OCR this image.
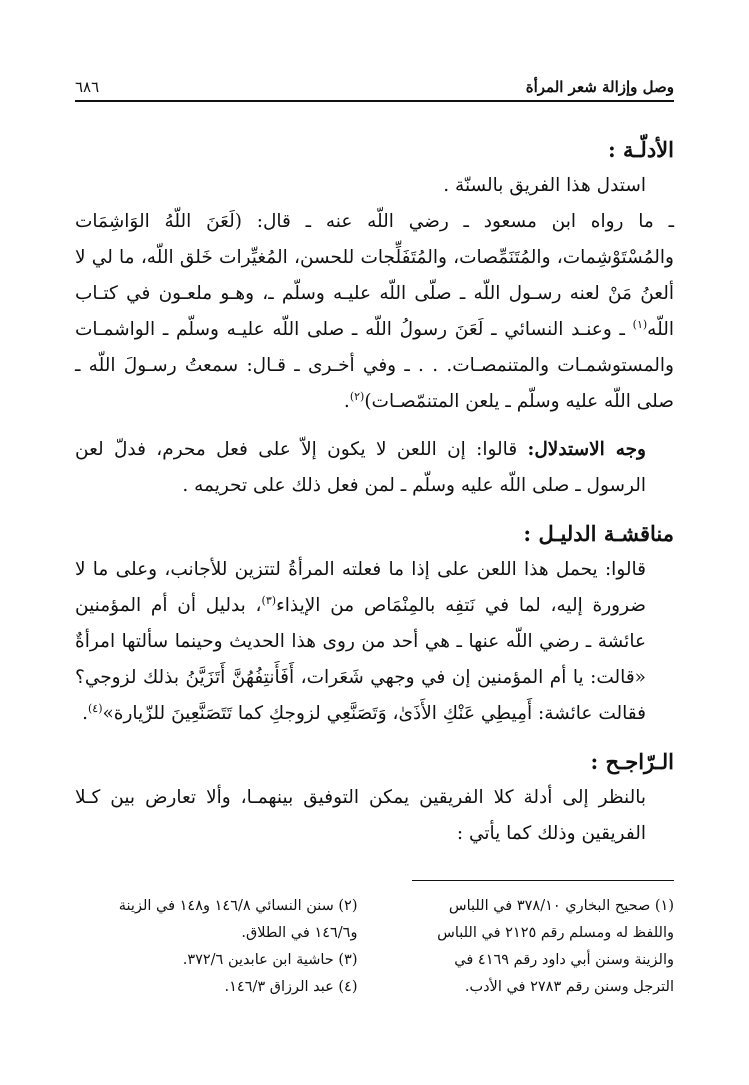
وصل وإزالة شعر المرأة
٦٨٦

الأدلّـة :

استدل هذا الفريق بالسنّة .

ـ ما رواه ابن مسعود ـ رضي اللّه عنه ـ قال: (لَعَنَ اللّهُ الوَاشِمَات والمُسْتَوْشِمات، والمُتَنَمِّصات، والمُتَفَلِّجات للحسن، المُغيِّرات خَلق اللّه، ما لي لا ألعنُ مَنْ لعنه رسـول اللّه ـ صلّى اللّه عليـه وسلّم ـ، وهـو ملعـون في كتـاب اللّه$^{(١)}$ ـ وعنـد النسائي ـ لَعَنَ رسولُ اللّه ـ صلى اللّه عليـه وسلّم ـ الواشمـات والمستوشمـات والمتنمصـات. . . ـ وفي أخـرى ـ قـال: سمعتُ رسـولَ اللّه ـ صلى اللّه عليه وسلّم ـ يلعن المتنمّصـات)$^{(٢)}$.

وجه الاستدلال: قالوا: إن اللعن لا يكون إلاّ على فعل محرم، فدلّ لعن الرسول ـ صلى اللّه عليه وسلّم ـ لمن فعل ذلك على تحريمه .

مناقشـة الدليـل :

قالوا: يحمل هذا اللعن على إذا ما فعلته المرأةُ لتتزين للأجانب، وعلى ما لا ضرورة إليه، لما في نَتفِه بالمِنْمَاص من الإيذاء$^{(٣)}$، بدليل أن أم المؤمنين عائشة ـ رضي اللّه عنها ـ هي أحد من روى هذا الحديث وحينما سألتها امرأةٌ «قالت: يا أم المؤمنين إن في وجهي شَعَرات، أَفَأَنتِفُهُنَّ أَتَزَيَّنُ بذلك لزوجي؟ فقالت عائشة: أَمِيطِي عَنْكِ الأَذَىٰ، وَتَصَنَّعِي لزوجكِ كما تَتَصَنَّعِينَ للزّيارة»$^{(٤)}$.

الـرّاجـح :

بالنظر إلى أدلة كلا الفريقين يمكن التوفيق بينهمـا، وألا تعارض بين كـلا الفريقين وذلك كما يأتي :

(١) صحيح البخاري ٣٧٨/١٠ في اللباس

واللفظ له ومسلم رقم ٢١٢٥ في اللباس

والزينة وسنن أبي داود رقم ٤١٦٩ في

الترجل وسنن رقم ٢٧٨٣ في الأدب.

(٢) سنن النسائي ١٤٦/٨ و١٤٨ في الزينة

و١٤٦/٦ في الطلاق.

(٣) حاشية ابن عابدين ٣٧٢/٦.

(٤) عبد الرزاق ١٤٦/٣.
